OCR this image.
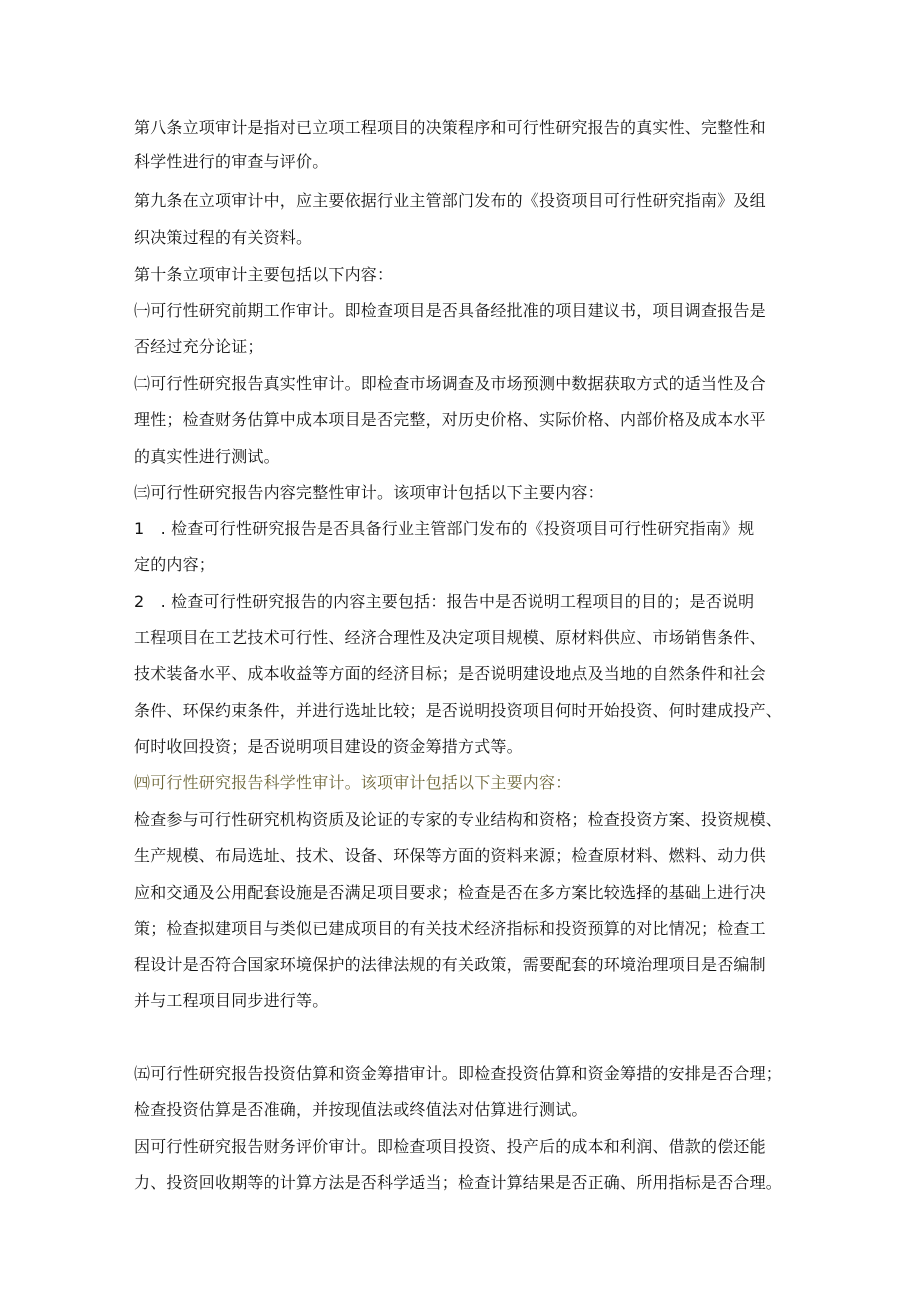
第八条立项审计是指对已立项工程项目的决策程序和可行性研究报告的真实性、完整性和
科学性进行的审查与评价。
第九条在立项审计中，应主要依据行业主管部门发布的《投资项目可行性研究指南》及组
织决策过程的有关资料。
第十条立项审计主要包括以下内容：
㈠可行性研究前期工作审计。即检查项目是否具备经批准的项目建议书，项目调查报告是
否经过充分论证；
㈡可行性研究报告真实性审计。即检查市场调查及市场预测中数据获取方式的适当性及合
理性；检查财务估算中成本项目是否完整，对历史价格、实际价格、内部价格及成本水平
的真实性进行测试。
㈢可行性研究报告内容完整性审计。该项审计包括以下主要内容：
1　. 检查可行性研究报告是否具备行业主管部门发布的《投资项目可行性研究指南》规
定的内容；
2　. 检查可行性研究报告的内容主要包括：报告中是否说明工程项目的目的；是否说明
工程项目在工艺技术可行性、经济合理性及决定项目规模、原材料供应、市场销售条件、
技术装备水平、成本收益等方面的经济目标；是否说明建设地点及当地的自然条件和社会
条件、环保约束条件，并进行选址比较；是否说明投资项目何时开始投资、何时建成投产、
何时收回投资；是否说明项目建设的资金筹措方式等。
㈣可行性研究报告科学性审计。该项审计包括以下主要内容：
检查参与可行性研究机构资质及论证的专家的专业结构和资格；检查投资方案、投资规模、
生产规模、布局选址、技术、设备、环保等方面的资料来源；检查原材料、燃料、动力供
应和交通及公用配套设施是否满足项目要求；检查是否在多方案比较选择的基础上进行决
策；检查拟建项目与类似已建成项目的有关技术经济指标和投资预算的对比情况；检查工
程设计是否符合国家环境保护的法律法规的有关政策，需要配套的环境治理项目是否编制
并与工程项目同步进行等。
㈤可行性研究报告投资估算和资金筹措审计。即检查投资估算和资金筹措的安排是否合理；
检查投资估算是否准确，并按现值法或终值法对估算进行测试。
因可行性研究报告财务评价审计。即检查项目投资、投产后的成本和利润、借款的偿还能
力、投资回收期等的计算方法是否科学适当；检查计算结果是否正确、所用指标是否合理。
